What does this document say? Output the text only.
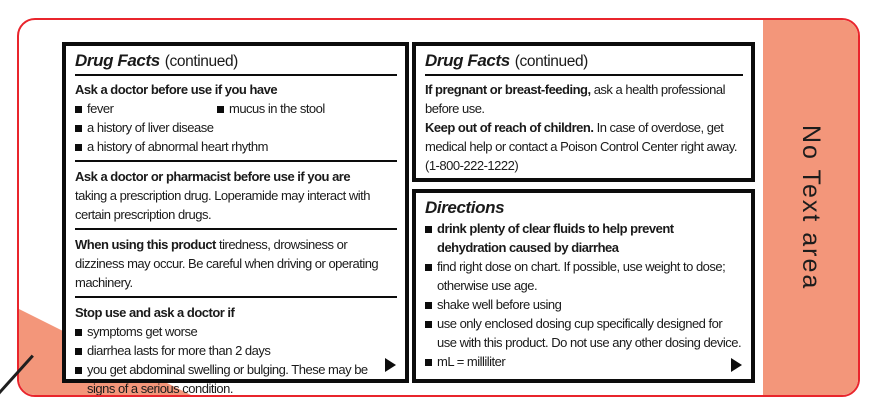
Drug Facts (continued)
Ask a doctor before use if you have
fever	mucus in the stool
a history of liver disease
a history of abnormal heart rhythm
Ask a doctor or pharmacist before use if you are
taking a prescription drug. Loperamide may interact with certain prescription drugs.
When using this product tiredness, drowsiness or dizziness may occur. Be careful when driving or operating machinery.
Stop use and ask a doctor if
symptoms get worse
diarrhea lasts for more than 2 days
you get abdominal swelling or bulging. These may be signs of a serious condition.
Drug Facts (continued)
If pregnant or breast-feeding, ask a health professional before use.
Keep out of reach of children. In case of overdose, get medical help or contact a Poison Control Center right away. (1-800-222-1222)
Directions
drink plenty of clear fluids to help prevent dehydration caused by diarrhea
find right dose on chart. If possible, use weight to dose; otherwise use age.
shake well before using
use only enclosed dosing cup specifically designed for use with this product. Do not use any other dosing device.
mL = milliliter
No Text area
